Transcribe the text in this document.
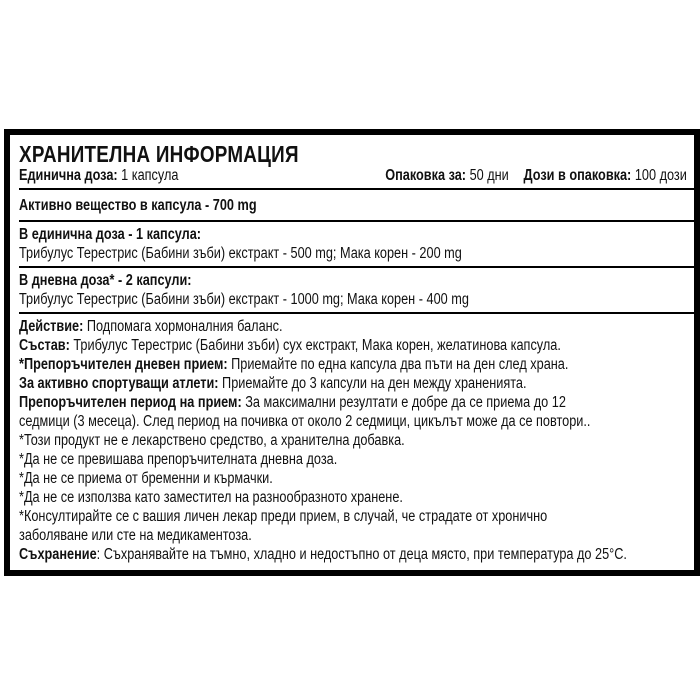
ХРАНИТЕЛНА ИНФОРМАЦИЯ
Единична доза: 1 капсула	Опаковка за: 50 дни Дози в опаковка: 100 дози
Активно вещество в капсула - 700 mg
В единична доза - 1 капсула:
Трибулус Терестрис (Бабини зъби) екстракт - 500 mg; Мака корен - 200 mg
В дневна доза* - 2 капсули:
Трибулус Терестрис (Бабини зъби) екстракт - 1000 mg; Мака корен - 400 mg
Действие: Подпомага хормоналния баланс.
Състав: Трибулус Терестрис (Бабини зъби) сух екстракт, Мака корен, желатинова капсула.
*Препоръчителен дневен прием: Приемайте по една капсула два пъти на ден след храна.
За активно спортуващи атлети: Приемайте до 3 капсули на ден между храненията.
Препоръчителен период на прием: За максимални резултати е добре да се приема до 12
седмици (3 месеца). След период на почивка от около 2 седмици, цикълът може да се повтори..
*Този продукт не е лекарствено средство, а хранителна добавка.
*Да не се превишава препоръчителната дневна доза.
*Да не се приема от бременни и кърмачки.
*Да не се използва като заместител на разнообразното хранене.
*Консултирайте се с вашия личен лекар преди прием, в случай, че страдате от хронично
заболяване или сте на медикаментоза.
Съхранение: Съхранявайте на тъмно, хладно и недостъпно от деца място, при температура до 25°C.
